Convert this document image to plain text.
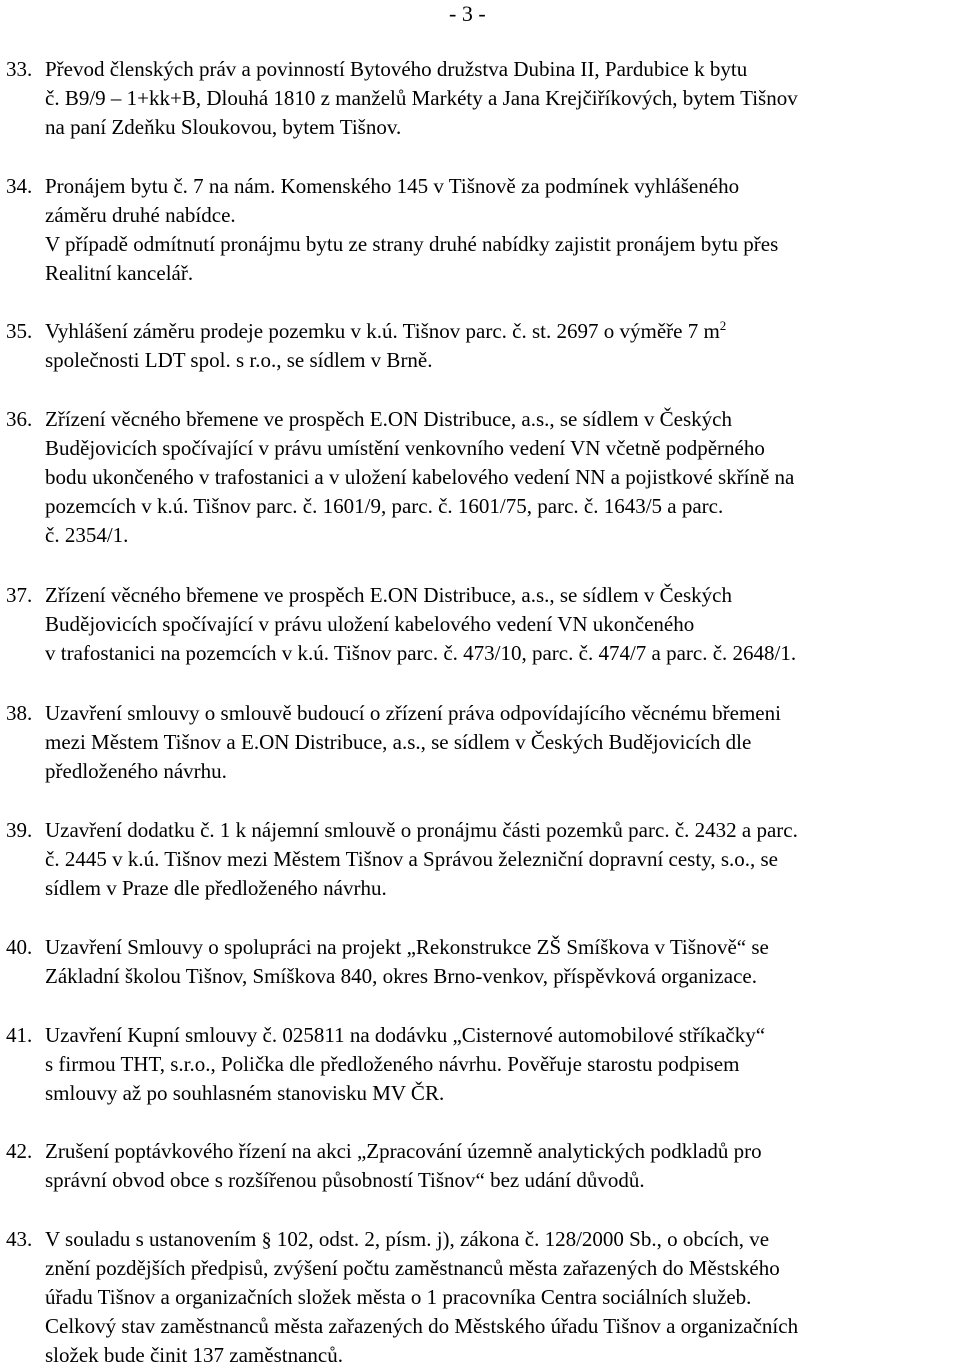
- 3 -
33. Převod členských práv a povinností Bytového družstva Dubina II, Pardubice k bytu
č. B9/9 – 1+kk+B, Dlouhá 1810 z manželů Markéty a Jana Krejčiříkových, bytem Tišnov
na paní Zdeňku Sloukovou, bytem Tišnov.
34. Pronájem bytu č. 7 na nám. Komenského 145 v Tišnově za podmínek vyhlášeného
záměru druhé nabídce.
V případě odmítnutí pronájmu bytu ze strany druhé nabídky zajistit pronájem bytu přes
Realitní kancelář.
35. Vyhlášení záměru prodeje pozemku v k.ú. Tišnov parc. č. st. 2697 o výměře 7 $m^2$
společnosti LDT spol. s r.o., se sídlem v Brně.
36. Zřízení věcného břemene ve prospěch E.ON Distribuce, a.s., se sídlem v Českých
Budějovicích spočívající v právu umístění venkovního vedení VN včetně podpěrného
bodu ukončeného v trafostanici a v uložení kabelového vedení NN a pojistkové skříně na
pozemcích v k.ú. Tišnov parc. č. 1601/9, parc. č. 1601/75, parc. č. 1643/5 a parc.
č. 2354/1.
37. Zřízení věcného břemene ve prospěch E.ON Distribuce, a.s., se sídlem v Českých
Budějovicích spočívající v právu uložení kabelového vedení VN ukončeného
v trafostanici na pozemcích v k.ú. Tišnov parc. č. 473/10, parc. č. 474/7 a parc. č. 2648/1.
38. Uzavření smlouvy o smlouvě budoucí o zřízení práva odpovídajícího věcnému břemeni
mezi Městem Tišnov a E.ON Distribuce, a.s., se sídlem v Českých Budějovicích dle
předloženého návrhu.
39. Uzavření dodatku č. 1 k nájemní smlouvě o pronájmu části pozemků parc. č. 2432 a parc.
č. 2445 v k.ú. Tišnov mezi Městem Tišnov a Správou železniční dopravní cesty, s.o., se
sídlem v Praze dle předloženého návrhu.
40. Uzavření Smlouvy o spolupráci na projekt „Rekonstrukce ZŠ Smíškova v Tišnově“ se
Základní školou Tišnov, Smíškova 840, okres Brno-venkov, příspěvková organizace.
41. Uzavření Kupní smlouvy č. 025811 na dodávku „Cisternové automobilové stříkačky“
s firmou THT, s.r.o., Polička dle předloženého návrhu. Pověřuje starostu podpisem
smlouvy až po souhlasném stanovisku MV ČR.
42. Zrušení poptávkového řízení na akci „Zpracování územně analytických podkladů pro
správní obvod obce s rozšířenou působností Tišnov“ bez udání důvodů.
43. V souladu s ustanovením § 102, odst. 2, písm. j), zákona č. 128/2000 Sb., o obcích, ve
znění pozdějších předpisů, zvýšení počtu zaměstnanců města zařazených do Městského
úřadu Tišnov a organizačních složek města o 1 pracovníka Centra sociálních služeb.
Celkový stav zaměstnanců města zařazených do Městského úřadu Tišnov a organizačních
složek bude činit 137 zaměstnanců.
